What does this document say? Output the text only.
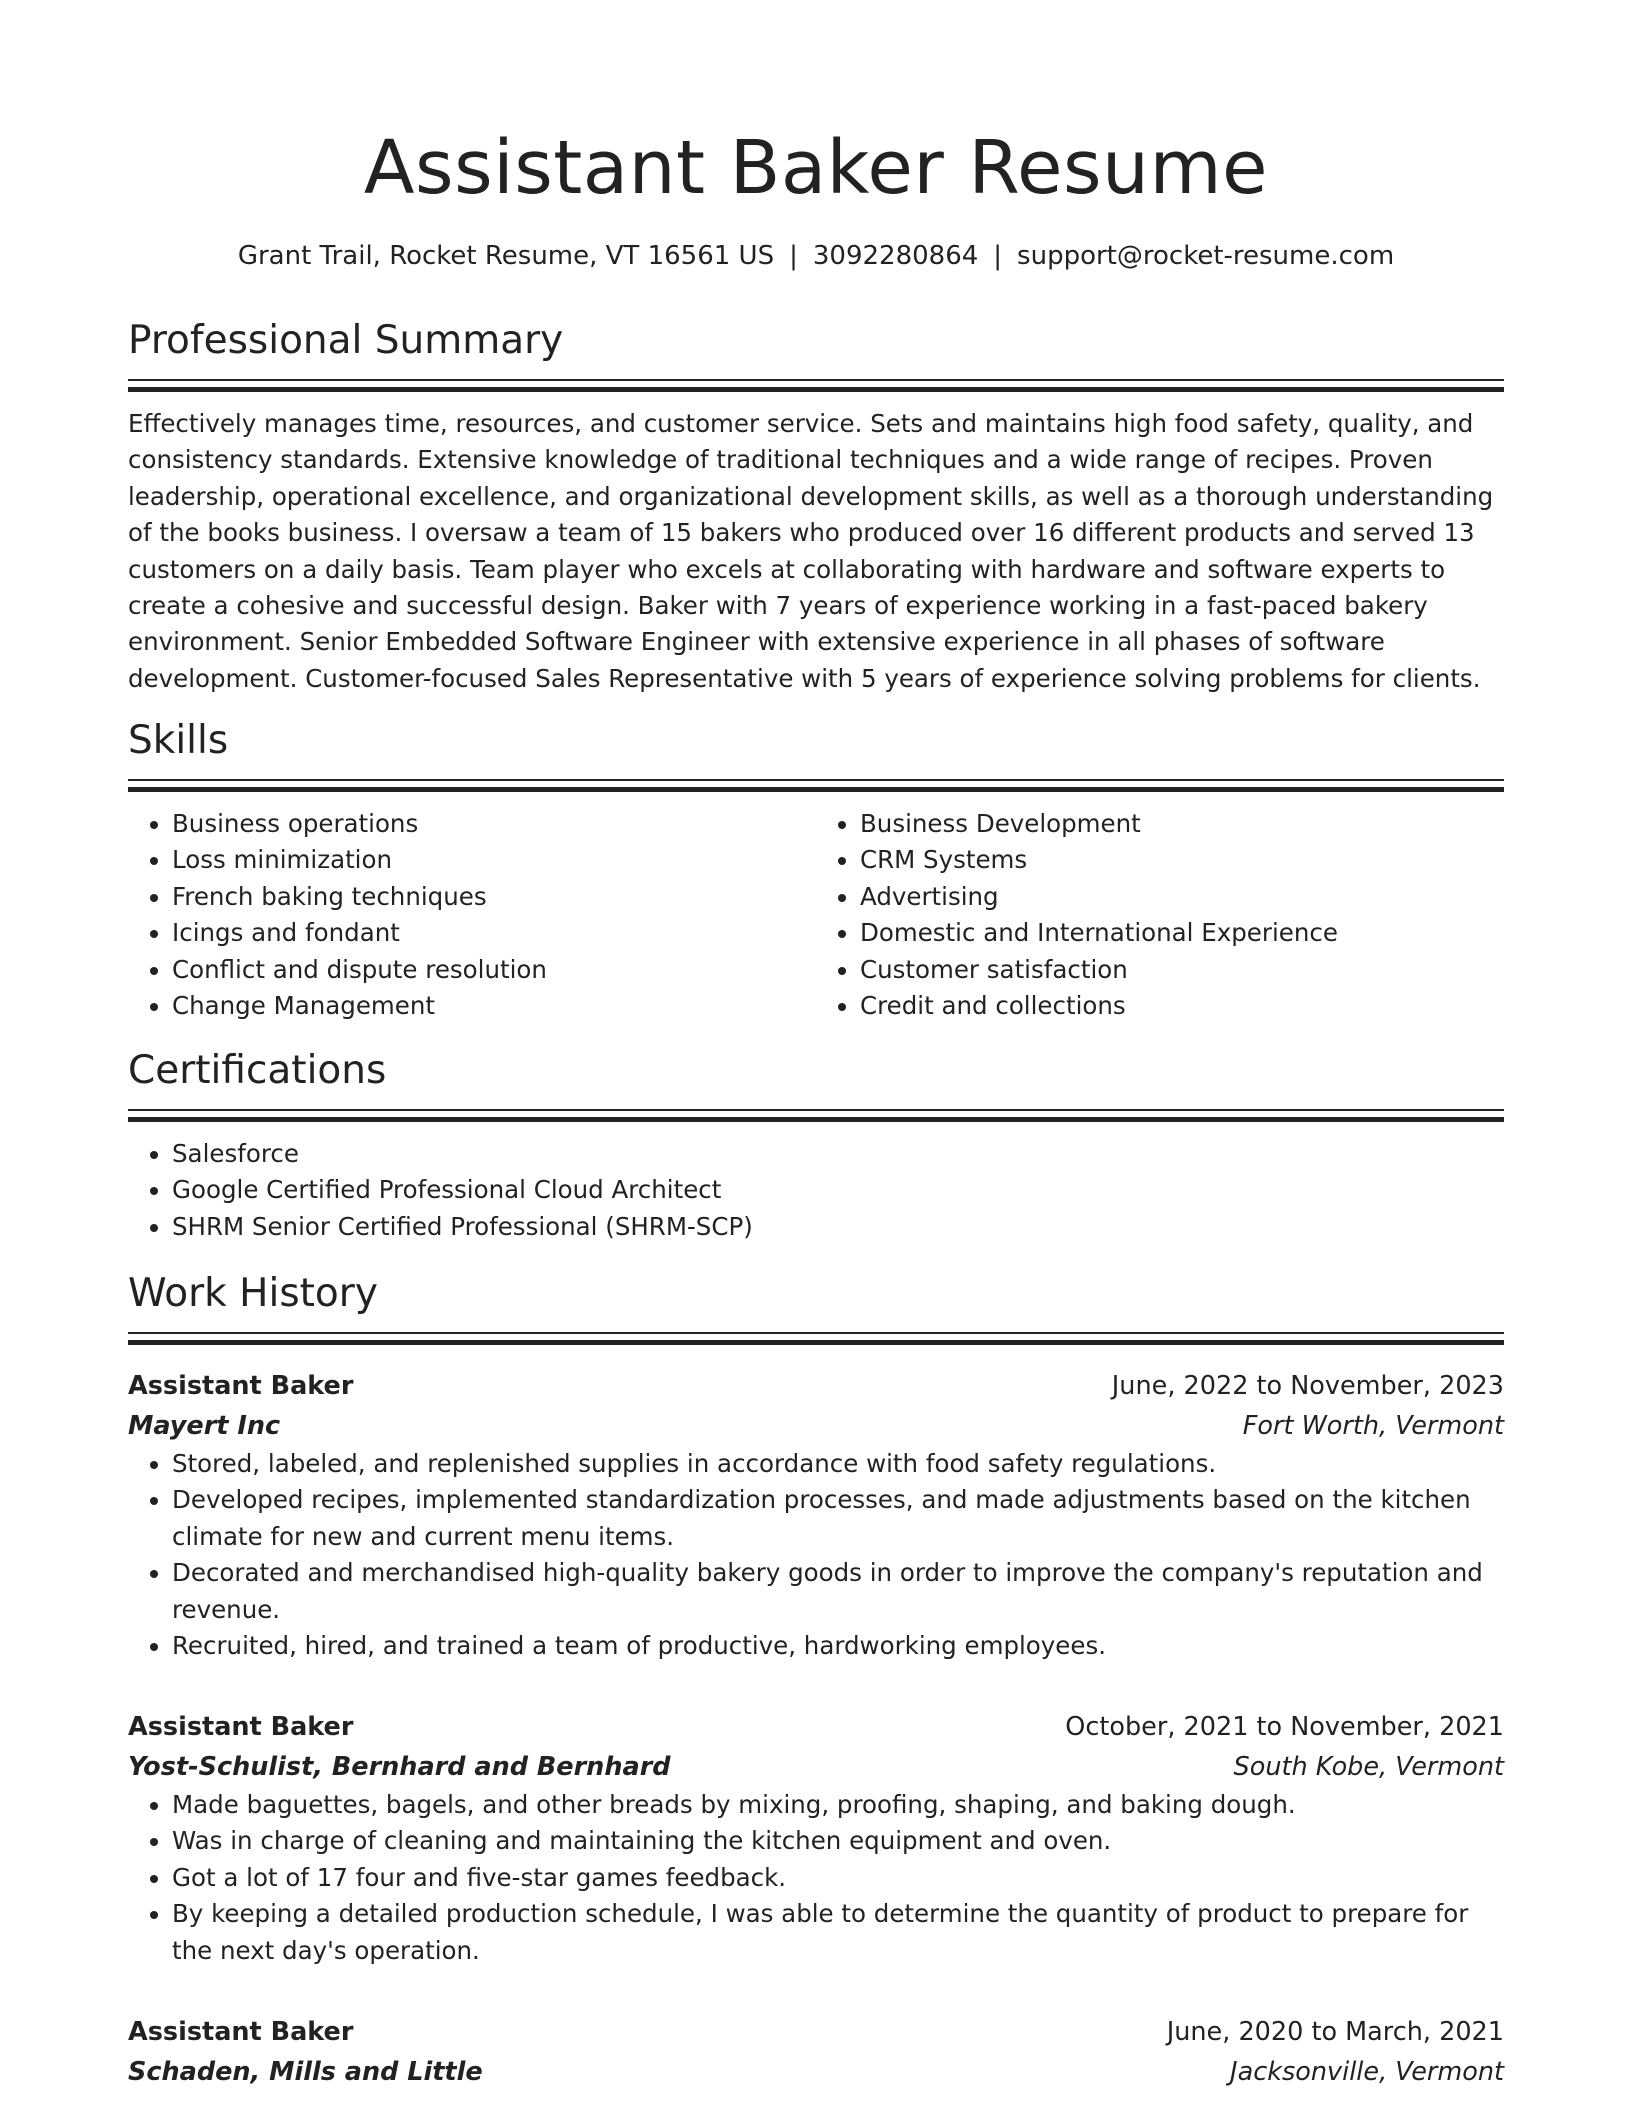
Assistant Baker Resume
Grant Trail, Rocket Resume, VT 16561 US | 3092280864 | support@rocket-resume.com
Professional Summary

Effectively manages time, resources, and customer service. Sets and maintains high food safety, quality, and consistency standards. Extensive knowledge of traditional techniques and a wide range of recipes. Proven leadership, operational excellence, and organizational development skills, as well as a thorough understanding of the books business. I oversaw a team of 15 bakers who produced over 16 different products and served 13 customers on a daily basis. Team player who excels at collaborating with hardware and software experts to create a cohesive and successful design. Baker with 7 years of experience working in a fast-paced bakery environment. Senior Embedded Software Engineer with extensive experience in all phases of software development. Customer-focused Sales Representative with 5 years of experience solving problems for clients.

Skills
• Business operations
• Loss minimization
• French baking techniques
• Icings and fondant
• Conflict and dispute resolution
• Change Management
• Business Development
• CRM Systems
• Advertising
• Domestic and International Experience
• Customer satisfaction
• Credit and collections
Certifications
• Salesforce
• Google Certified Professional Cloud Architect
• SHRM Senior Certified Professional (SHRM-SCP)
Work History
Assistant Baker	June, 2022 to November, 2023
Mayert Inc	Fort Worth, Vermont
• Stored, labeled, and replenished supplies in accordance with food safety regulations.
• Developed recipes, implemented standardization processes, and made adjustments based on the kitchen climate for new and current menu items.
• Decorated and merchandised high-quality bakery goods in order to improve the company's reputation and revenue.
• Recruited, hired, and trained a team of productive, hardworking employees.
Assistant Baker	October, 2021 to November, 2021
Yost-Schulist, Bernhard and Bernhard	South Kobe, Vermont
• Made baguettes, bagels, and other breads by mixing, proofing, shaping, and baking dough.
• Was in charge of cleaning and maintaining the kitchen equipment and oven.
• Got a lot of 17 four and five-star games feedback.
• By keeping a detailed production schedule, I was able to determine the quantity of product to prepare for the next day's operation.
Assistant Baker	June, 2020 to March, 2021
Schaden, Mills and Little	Jacksonville, Vermont
